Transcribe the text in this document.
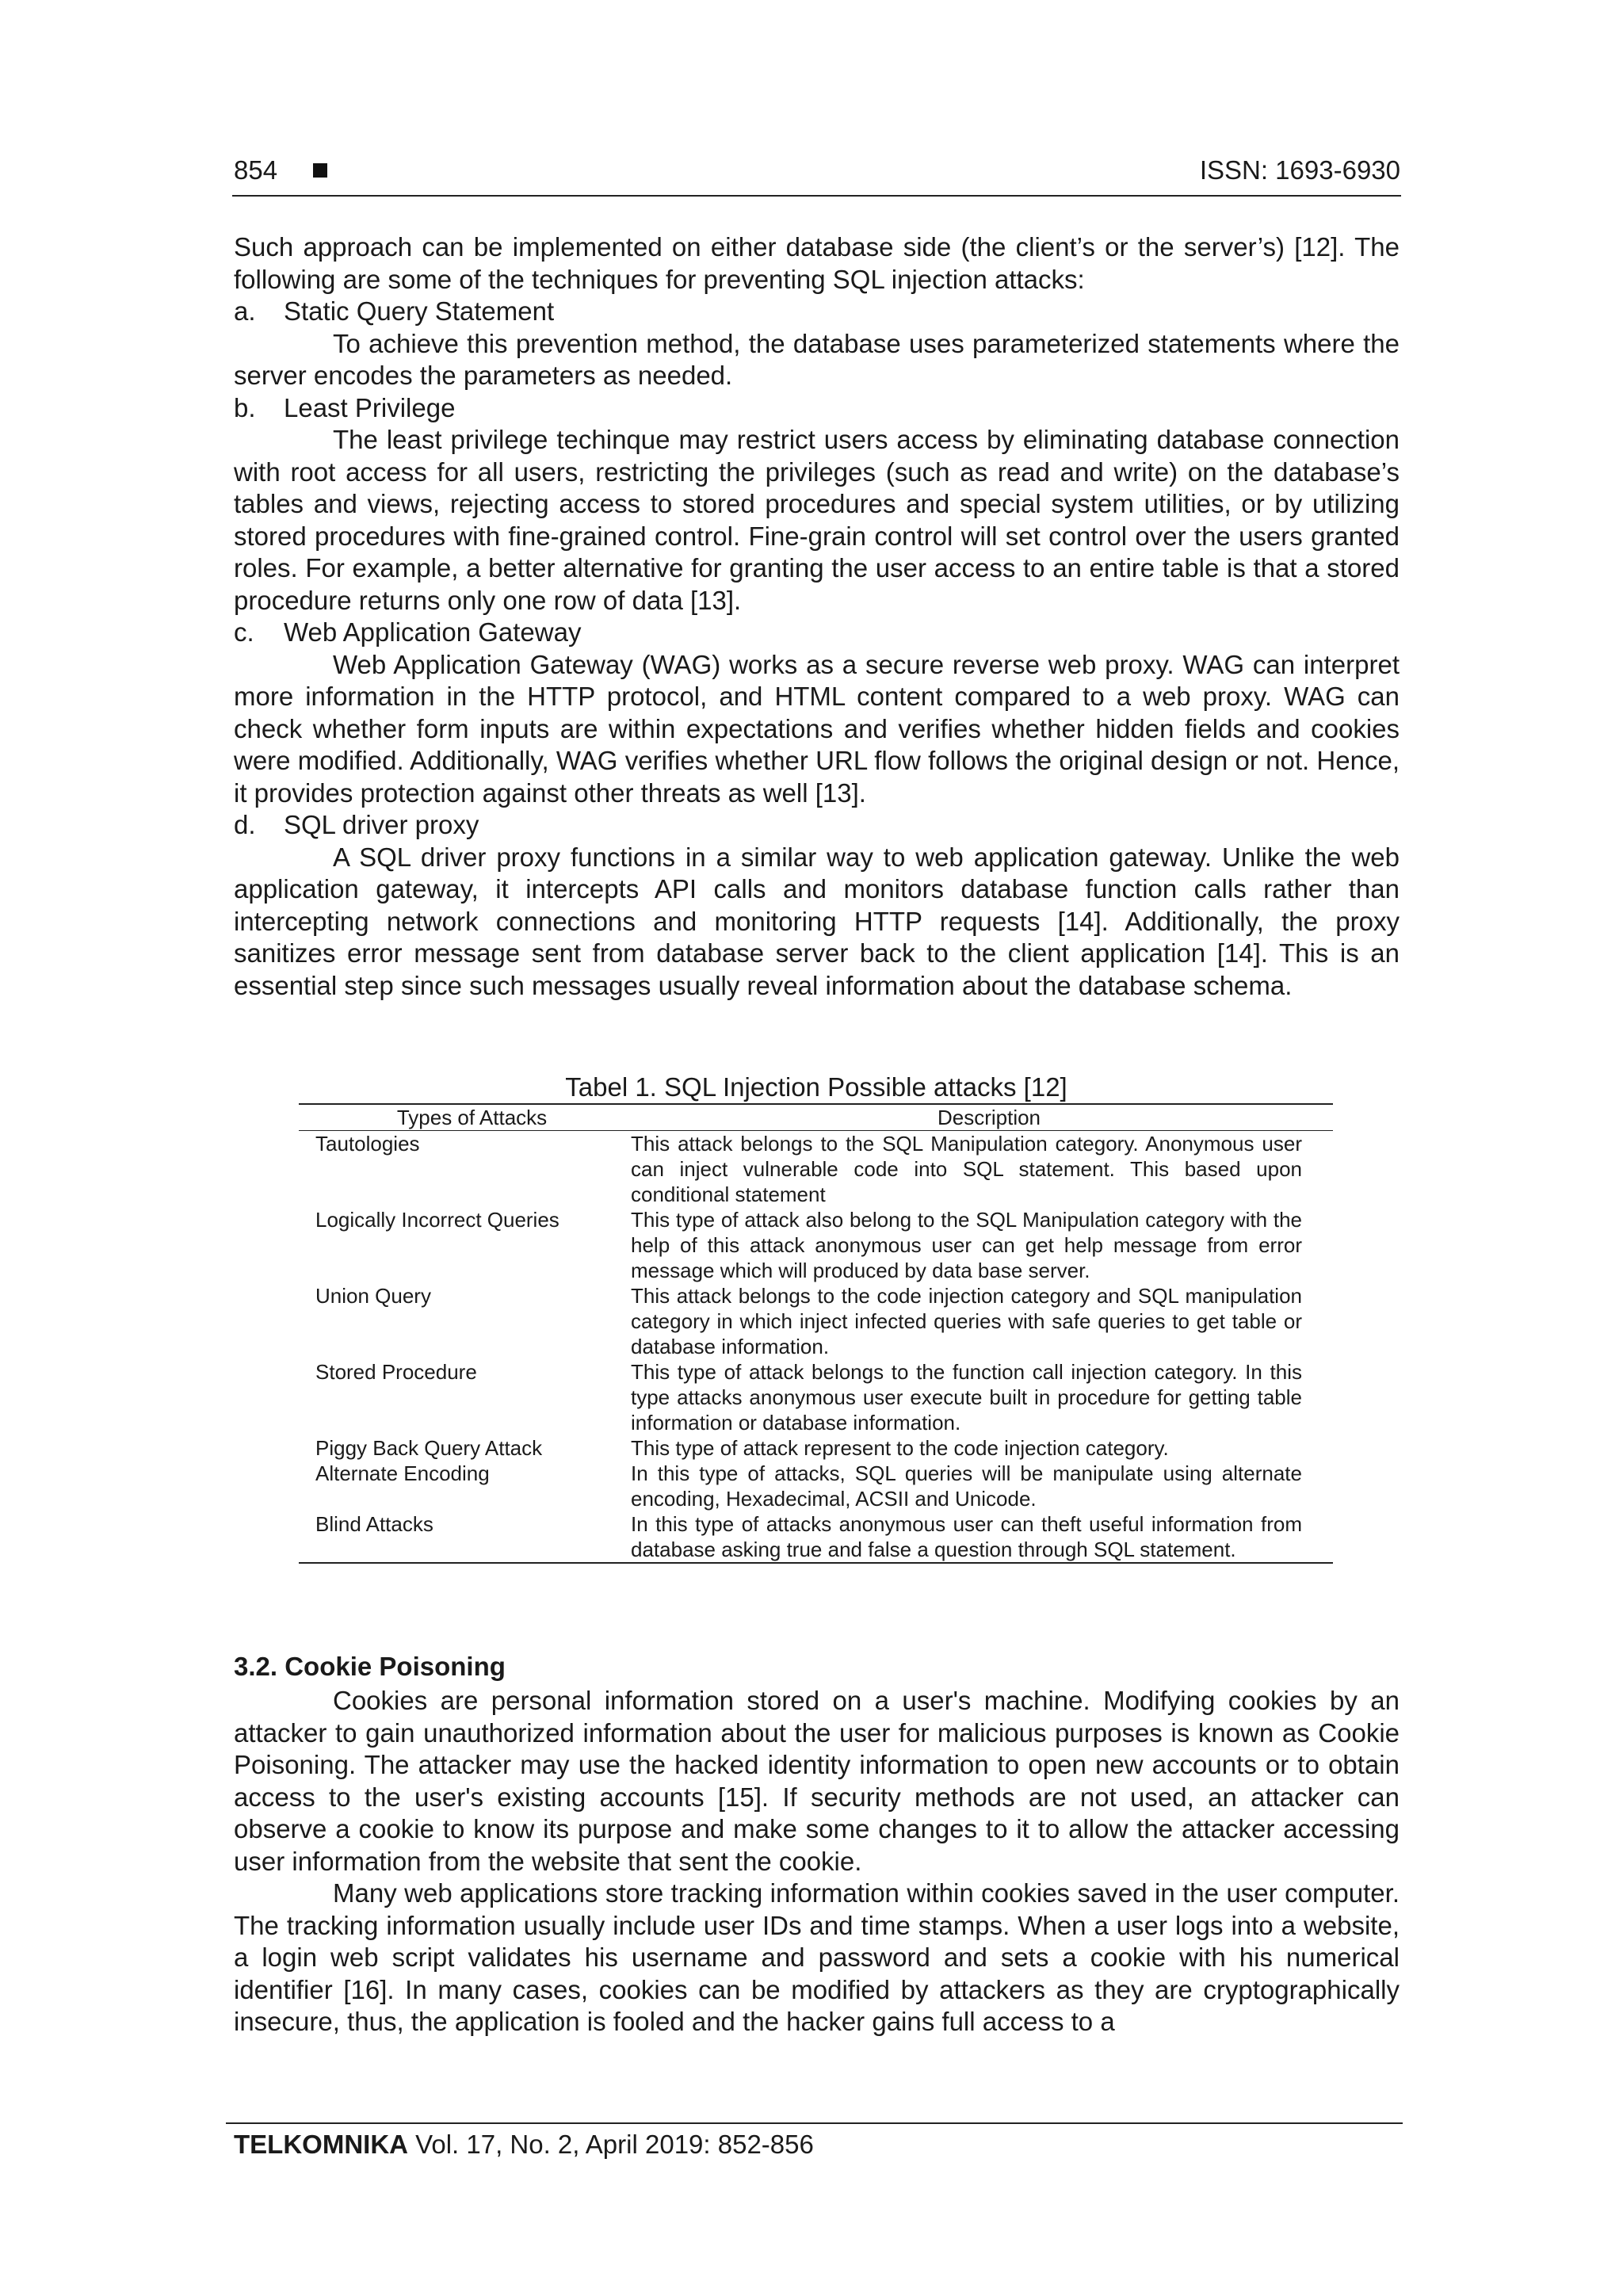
854	ISSN: 1693-6930

Such approach can be implemented on either database side (the client’s or the server’s) [12]. The following are some of the techniques for preventing SQL injection attacks:

a.	Static Query Statement

To achieve this prevention method, the database uses parameterized statements where the server encodes the parameters as needed.

b.	Least Privilege

The least privilege techinque may restrict users access by eliminating database connection with root access for all users, restricting the privileges (such as read and write) on the database’s tables and views, rejecting access to stored procedures and special system utilities, or by utilizing stored procedures with fine-grained control. Fine-grain control will set control over the users granted roles. For example, a better alternative for granting the user access to an entire table is that a stored procedure returns only one row of data [13].

c.	Web Application Gateway

Web Application Gateway (WAG) works as a secure reverse web proxy. WAG can interpret more information in the HTTP protocol, and HTML content compared to a web proxy. WAG can check whether form inputs are within expectations and verifies whether hidden fields and cookies were modified. Additionally, WAG verifies whether URL flow follows the original design or not. Hence, it provides protection against other threats as well [13].

d.	SQL driver proxy

A SQL driver proxy functions in a similar way to web application gateway. Unlike the web application gateway, it intercepts API calls and monitors database function calls rather than intercepting network connections and monitoring HTTP requests [14]. Additionally, the proxy sanitizes error message sent from database server back to the client application [14]. This is an essential step since such messages usually reveal information about the database schema.

Tabel 1. SQL Injection Possible attacks [12]
Types of Attacks	Description
Tautologies	This attack belongs to the SQL Manipulation category. Anonymous user can inject vulnerable code into SQL statement. This based upon conditional statement
Logically Incorrect Queries	This type of attack also belong to the SQL Manipulation category with the help of this attack anonymous user can get help message from error message which will produced by data base server.
Union Query	This attack belongs to the code injection category and SQL manipulation category in which inject infected queries with safe queries to get table or database information.
Stored Procedure	This type of attack belongs to the function call injection category. In this type attacks anonymous user execute built in procedure for getting table information or database information.
Piggy Back Query Attack	This type of attack represent to the code injection category.
Alternate Encoding	In this type of attacks, SQL queries will be manipulate using alternate encoding, Hexadecimal, ACSII and Unicode.
Blind Attacks	In this type of attacks anonymous user can theft useful information from database asking true and false a question through SQL statement.
3.2. Cookie Poisoning

Cookies are personal information stored on a user's machine. Modifying cookies by an attacker to gain unauthorized information about the user for malicious purposes is known as Cookie Poisoning. The attacker may use the hacked identity information to open new accounts or to obtain access to the user's existing accounts [15]. If security methods are not used, an attacker can observe a cookie to know its purpose and make some changes to it to allow the attacker accessing user information from the website that sent the cookie.

Many web applications store tracking information within cookies saved in the user computer. The tracking information usually include user IDs and time stamps. When a user logs into a website, a login web script validates his username and password and sets a cookie with his numerical identifier [16]. In many cases, cookies can be modified by attackers as they are cryptographically insecure, thus, the application is fooled and the hacker gains full access to a

TELKOMNIKA Vol. 17, No. 2, April 2019: 852-856
